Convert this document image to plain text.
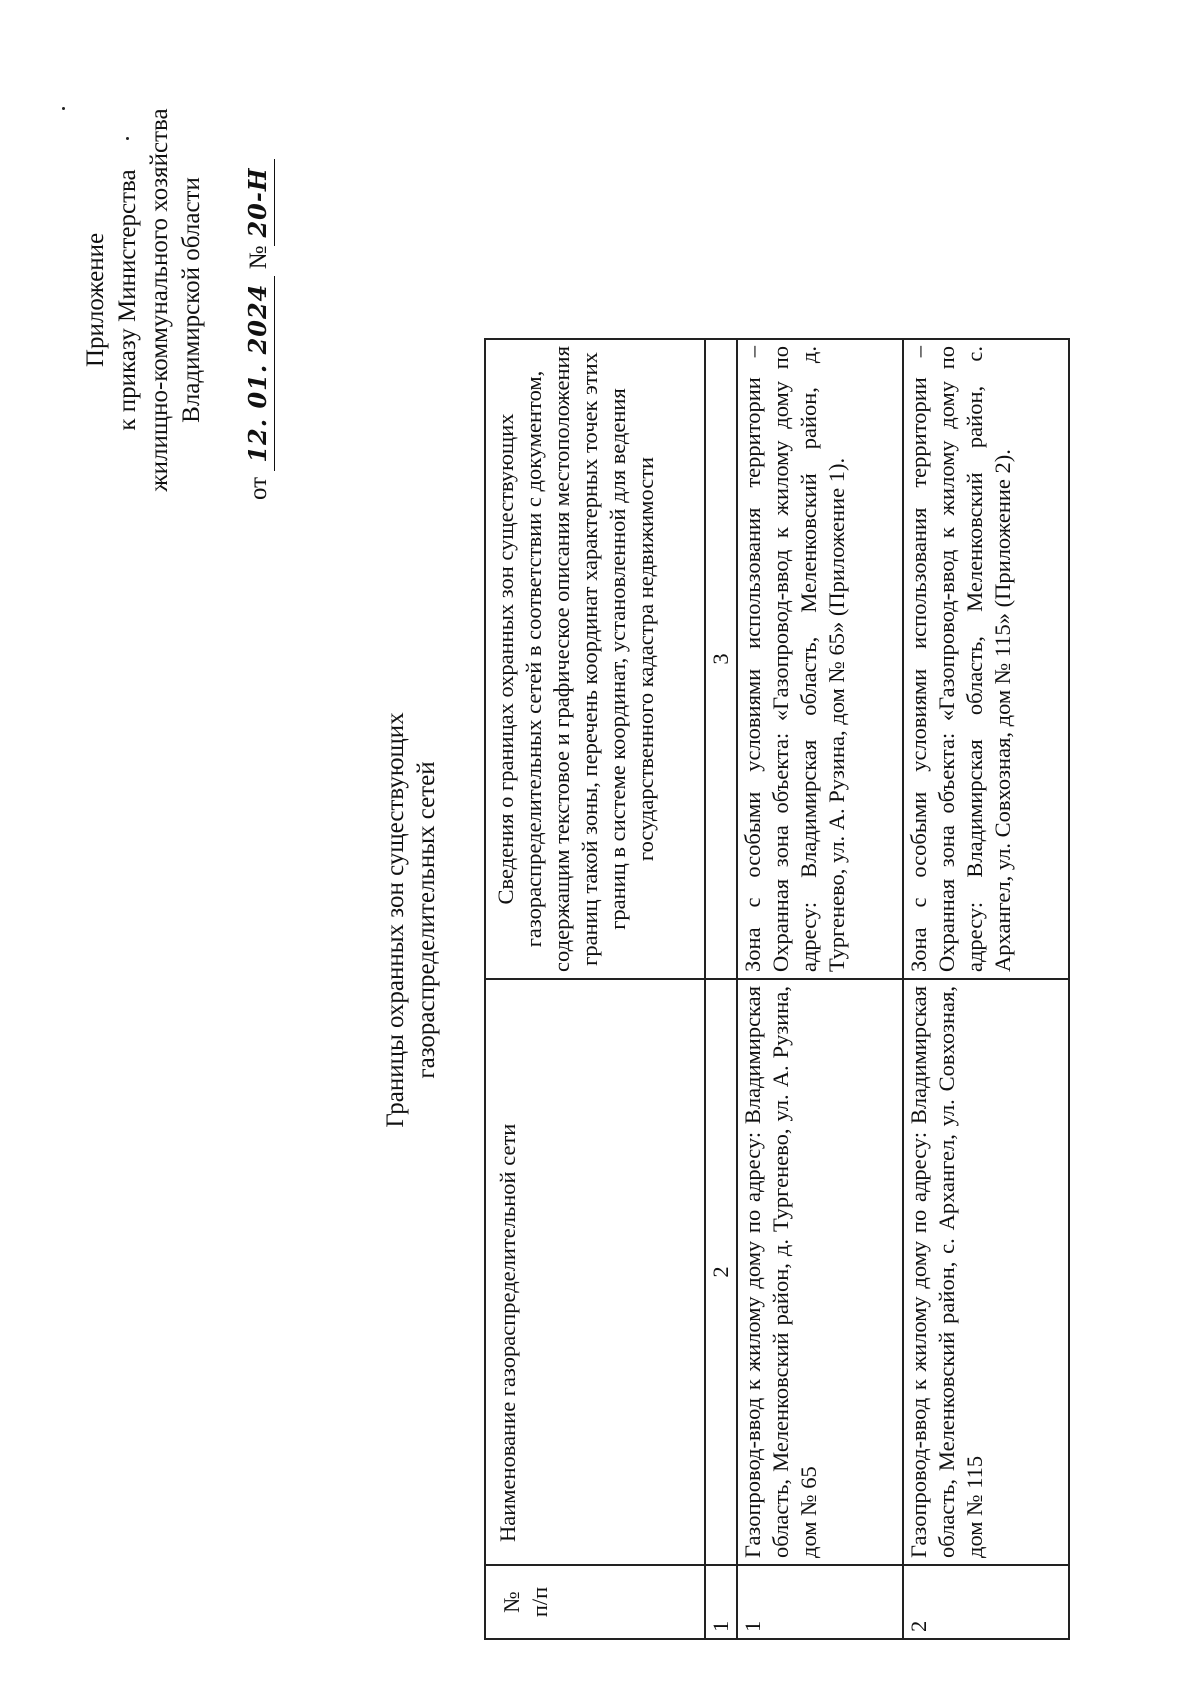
Приложение к приказу Министерства жилищно-коммунального хозяйства Владимирской области
от 12. 01. 2024 №20-Н
Границы охранных зон существующих газораспределительных сетей
№ п/п	Наименование газораспределительной сети	Сведения о границах охранных зон существующих газораспределительных сетей в соответствии с документом, содержащим текстовое и графическое описания местоположения границ такой зоны, перечень координат характерных точек этих границ в системе координат, установленной для ведения государственного кадастра недвижимости
1	2	3
1	Газопровод-ввод к жилому дому по адресу: Владимирская область, Меленковский район, д. Тургенево, ул. А. Рузина, дом № 65	Зона с особыми условиями использования территории – Охранная зона объекта: «Газопровод-ввод к жилому дому по адресу: Владимирская область, Меленковский район, д. Тургенево, ул. А. Рузина, дом № 65» (Приложение 1).
2	Газопровод-ввод к жилому дому по адресу: Владимирская область, Меленковский район, с. Архангел, ул. Совхозная, дом № 115	Зона с особыми условиями использования территории – Охранная зона объекта: «Газопровод-ввод к жилому дому по адресу: Владимирская область, Меленковский район, с. Архангел, ул. Совхозная, дом № 115» (Приложение 2).
